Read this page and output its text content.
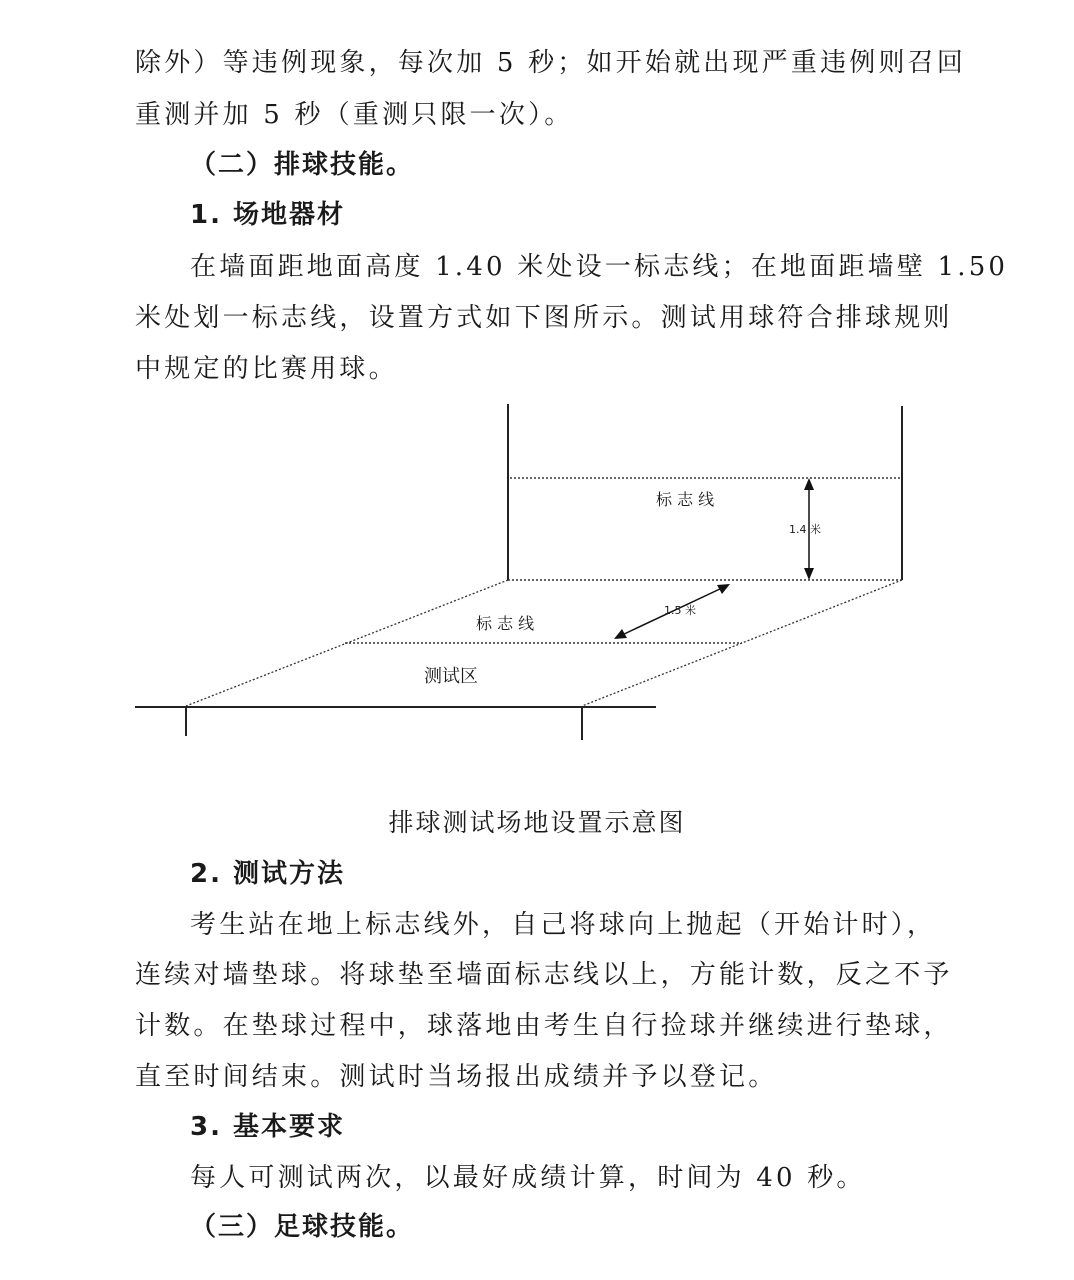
除外）等违例现象，每次加 5 秒；如开始就出现严重违例则召回
重测并加 5 秒（重测只限一次）。
（二）排球技能。
1. 场地器材
在墙面距地面高度 1.40 米处设一标志线；在地面距墙壁 1.50
米处划一标志线，设置方式如下图所示。测试用球符合排球规则
中规定的比赛用球。
标 志 线
1.4 米
1.5 米
标 志 线
测试区
排球测试场地设置示意图
2. 测试方法
考生站在地上标志线外，自己将球向上抛起（开始计时），
连续对墙垫球。将球垫至墙面标志线以上，方能计数，反之不予
计数。在垫球过程中，球落地由考生自行捡球并继续进行垫球，
直至时间结束。测试时当场报出成绩并予以登记。
3. 基本要求
每人可测试两次，以最好成绩计算，时间为 40 秒。
（三）足球技能。
